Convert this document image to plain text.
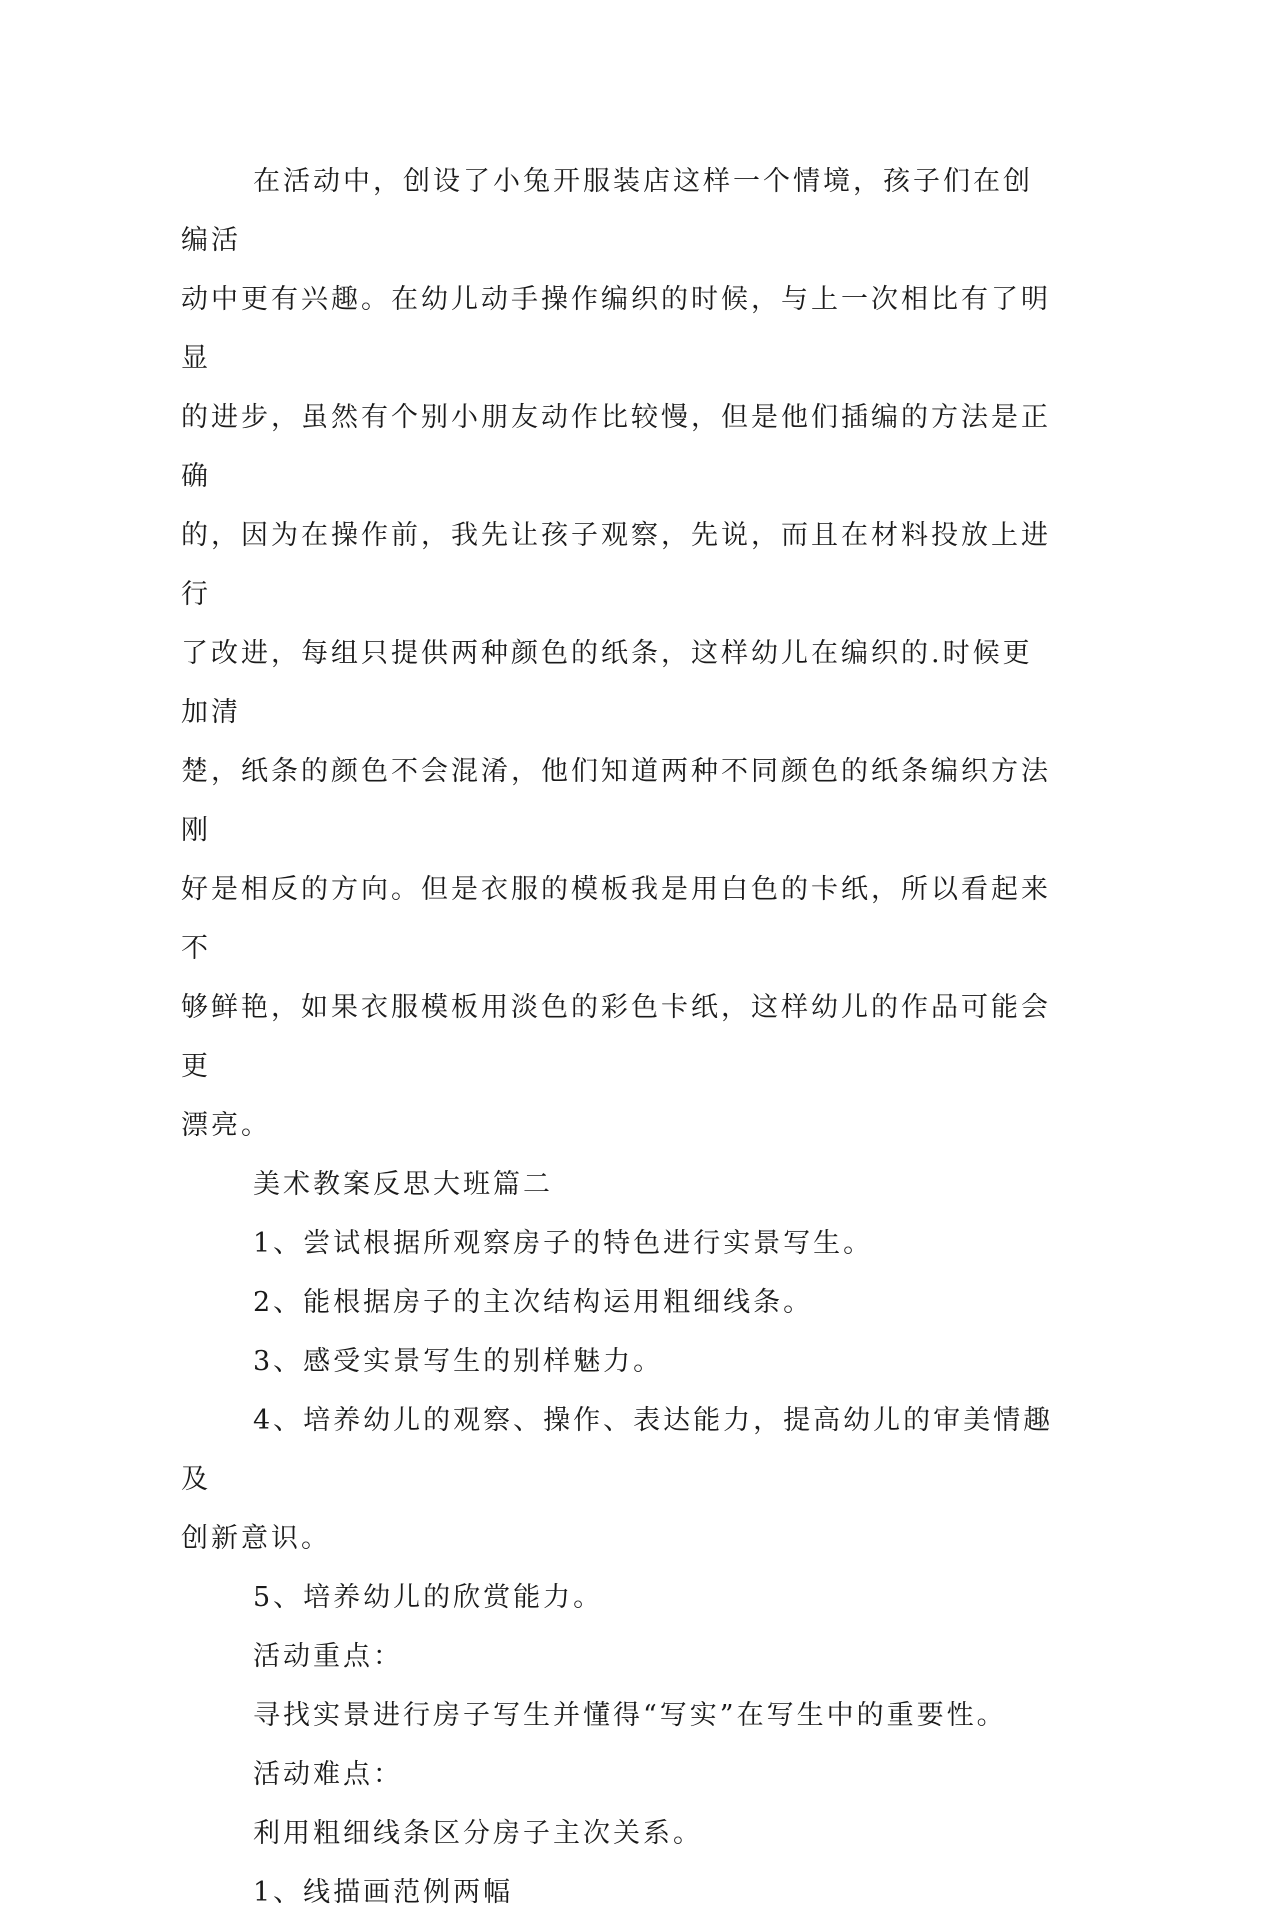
在活动中，创设了小兔开服装店这样一个情境，孩子们在创编活
动中更有兴趣。在幼儿动手操作编织的时候，与上一次相比有了明显
的进步，虽然有个别小朋友动作比较慢，但是他们插编的方法是正确
的，因为在操作前，我先让孩子观察，先说，而且在材料投放上进行
了改进，每组只提供两种颜色的纸条，这样幼儿在编织的.时候更加清
楚，纸条的颜色不会混淆，他们知道两种不同颜色的纸条编织方法刚
好是相反的方向。但是衣服的模板我是用白色的卡纸，所以看起来不
够鲜艳，如果衣服模板用淡色的彩色卡纸，这样幼儿的作品可能会更
漂亮。
美术教案反思大班篇二
1、尝试根据所观察房子的特色进行实景写生。
2、能根据房子的主次结构运用粗细线条。
3、感受实景写生的别样魅力。
4、培养幼儿的观察、操作、表达能力，提高幼儿的审美情趣及
创新意识。
5、培养幼儿的欣赏能力。
活动重点：
寻找实景进行房子写生并懂得“写实”在写生中的重要性。
活动难点：
利用粗细线条区分房子主次关系。
1、线描画范例两幅
